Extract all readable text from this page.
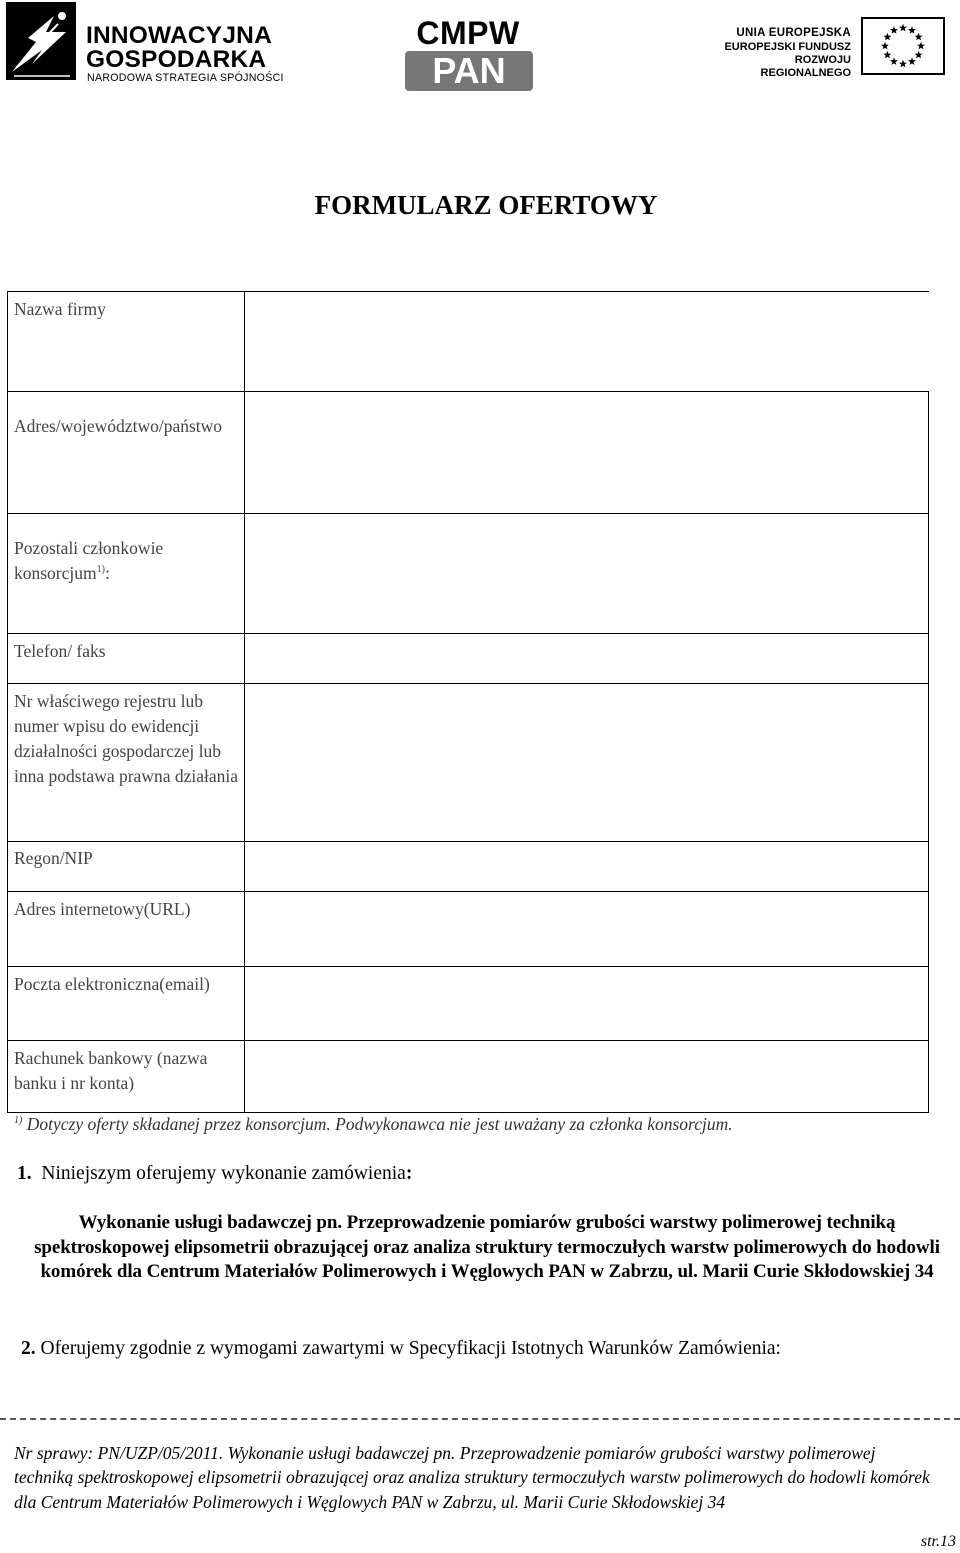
INNOWACYJNA
GOSPODARKA
NARODOWA STRATEGIA SPÓJNOŚCI
CMPW
PAN
UNIA EUROPEJSKA
EUROPEJSKI FUNDUSZ
ROZWOJU REGIONALNEGO
FORMULARZ OFERTOWY
Nazwa firmy	
Adres/województwo/państwo	
Pozostali członkowie konsorcjum$^{1)}$:	
Telefon/ faks	
Nr właściwego rejestru lub numer wpisu do ewidencji działalności gospodarczej lub inna podstawa prawna działania	
Regon/NIP	
Adres internetowy(URL)	
Poczta elektroniczna(email)	
Rachunek bankowy (nazwa banku i nr konta)	
$^{1)}$ Dotyczy oferty składanej przez konsorcjum. Podwykonawca nie jest uważany za członka konsorcjum.
1. Niniejszym oferujemy wykonanie zamówienia:
Wykonanie usługi badawczej pn. Przeprowadzenie pomiarów grubości warstwy polimerowej techniką spektroskopowej elipsometrii obrazującej oraz analiza struktury termoczułych warstw polimerowych do hodowli komórek dla Centrum Materiałów Polimerowych i Węglowych PAN w Zabrzu, ul. Marii Curie Skłodowskiej 34
2. Oferujemy zgodnie z wymogami zawartymi w Specyfikacji Istotnych Warunków Zamówienia:
Nr sprawy: PN/UZP/05/2011. Wykonanie usługi badawczej pn. Przeprowadzenie pomiarów grubości warstwy polimerowej techniką spektroskopowej elipsometrii obrazującej oraz analiza struktury termoczułych warstw polimerowych do hodowli komórek dla Centrum Materiałów Polimerowych i Węglowych PAN w Zabrzu, ul. Marii Curie Skłodowskiej 34
str.13
